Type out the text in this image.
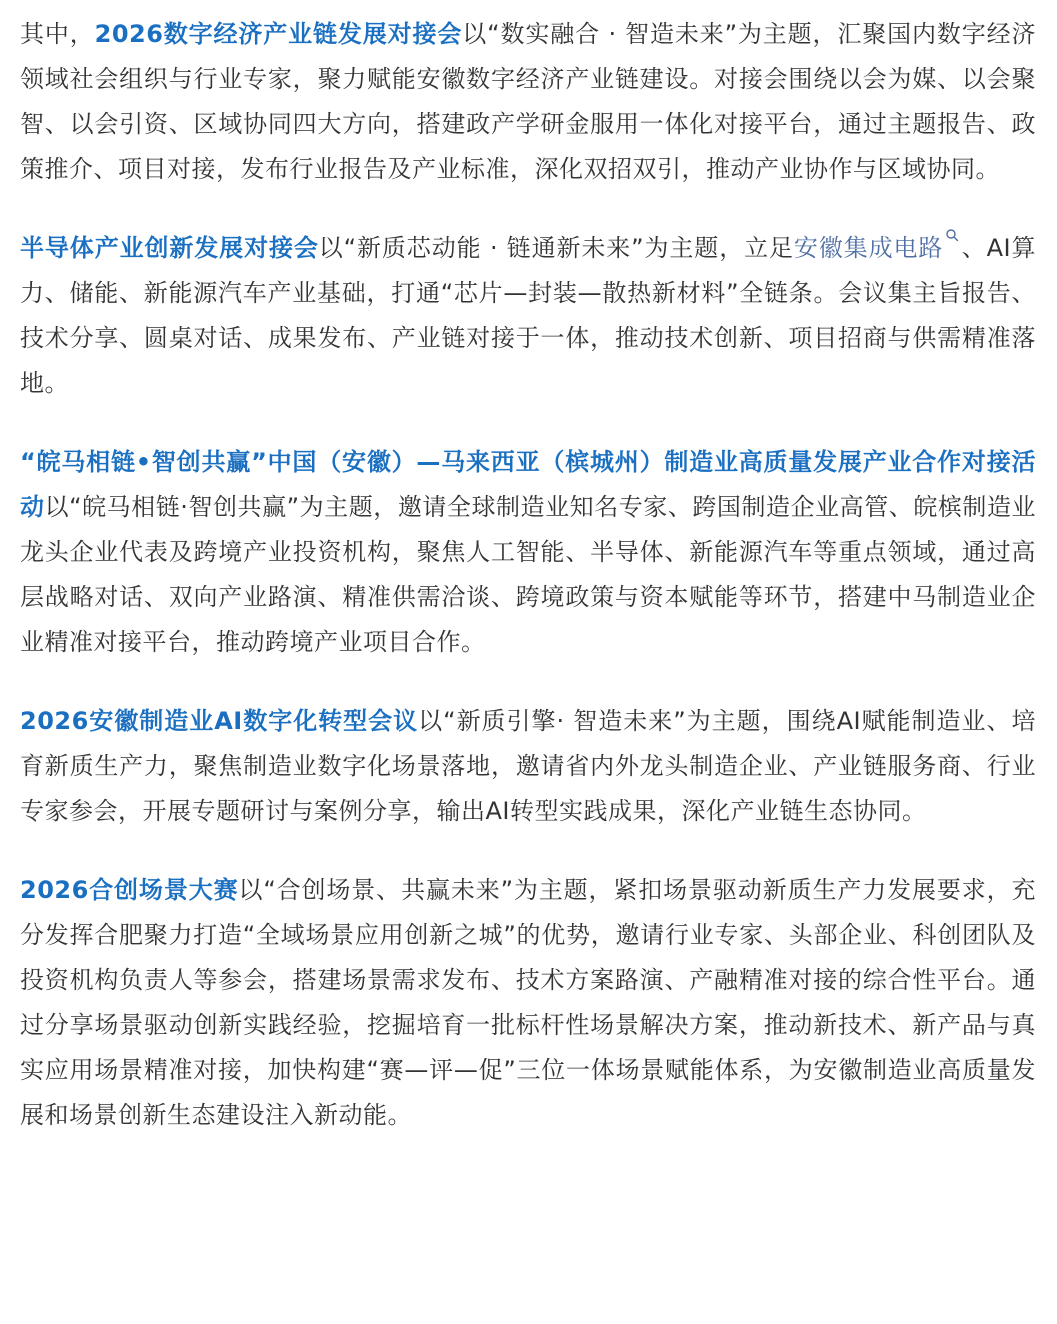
其中，2026数字经济产业链发展对接会以“数实融合 · 智造未来”为主题，汇聚国内数字经济领域社会组织与行业专家，聚力赋能安徽数字经济产业链建设。对接会围绕以会为媒、以会聚智、以会引资、区域协同四大方向，搭建政产学研金服用一体化对接平台，通过主题报告、政策推介、项目对接，发布行业报告及产业标准，深化双招双引，推动产业协作与区域协同。

半导体产业创新发展对接会以“新质芯动能 · 链通新未来”为主题，立足安徽集成电路 、AI算力、储能、新能源汽车产业基础，打通“芯片—封装—散热新材料”全链条。会议集主旨报告、技术分享、圆桌对话、成果发布、产业链对接于一体，推动技术创新、项目招商与供需精准落地。

“皖马相链•智创共赢”中国（安徽）—马来西亚（槟城州）制造业高质量发展产业合作对接活动以“皖马相链·智创共赢”为主题，邀请全球制造业知名专家、跨国制造企业高管、皖槟制造业龙头企业代表及跨境产业投资机构，聚焦人工智能、半导体、新能源汽车等重点领域，通过高层战略对话、双向产业路演、精准供需洽谈、跨境政策与资本赋能等环节，搭建中马制造业企业精准对接平台，推动跨境产业项目合作。

2026安徽制造业AI数字化转型会议以“新质引擎· 智造未来”为主题，围绕AI赋能制造业、培育新质生产力，聚焦制造业数字化场景落地，邀请省内外龙头制造企业、产业链服务商、行业专家参会，开展专题研讨与案例分享，输出AI转型实践成果，深化产业链生态协同。

2026合创场景大赛以“合创场景、共赢未来”为主题，紧扣场景驱动新质生产力发展要求，充分发挥合肥聚力打造“全域场景应用创新之城”的优势，邀请行业专家、头部企业、科创团队及投资机构负责人等参会，搭建场景需求发布、技术方案路演、产融精准对接的综合性平台。通过分享场景驱动创新实践经验，挖掘培育一批标杆性场景解决方案，推动新技术、新产品与真实应用场景精准对接，加快构建“赛—评—促”三位一体场景赋能体系，为安徽制造业高质量发展和场景创新生态建设注入新动能。
